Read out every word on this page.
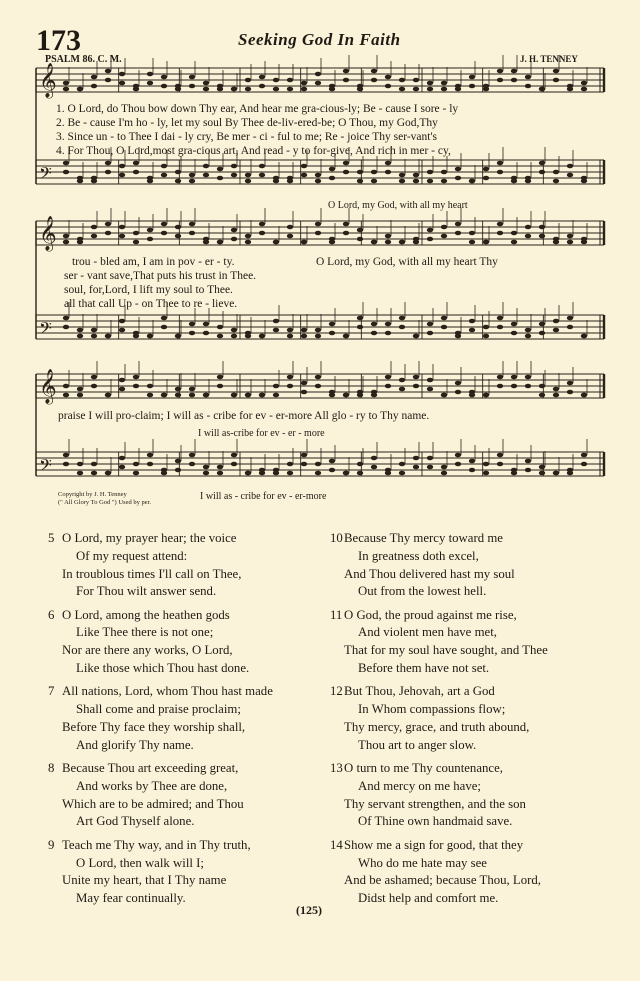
173	Seeking God In Faith
PSALM 86. C. M.	J. H. TENNEY
𝄞
𝄢
𝄞
𝄢
𝄞
𝄢
1. O Lord, do Thou bow down Thy ear, And hear me gra-cious-ly; Be - cause I sore - ly
2. Be - cause I'm ho - ly, let my soul By Thee de-liv-ered-be; O Thou, my God,Thy
3. Since un - to Thee I dai - ly cry, Be mer - ci - ful to me; Re - joice Thy ser-vant's
4. For Thou, O Lord,most gra-cious art, And read - y to for-give, And rich in mer - cy,
O Lord, my God, with all my heart
trou - bled am, I am in pov - er - ty.
ser - vant save,That puts his trust in Thee.
soul, for,Lord, I lift my soul to Thee.
all that call Up - on Thee to re - lieve.
O Lord, my God, with all my heart Thy
praise I will pro-claim; I will as - cribe for ev - er-more All glo - ry to Thy name.
I will as-cribe for ev - er - more
I will as - cribe for ev - er-more
Copyright by J. H. Tenney
(" All Glory To God ") Used by per.
5 O Lord, my prayer hear; the voice
Of my request attend:
In troublous times I'll call on Thee,
For Thou wilt answer send.
6 O Lord, among the heathen gods
Like Thee there is not one;
Nor are there any works, O Lord,
Like those which Thou hast done.
7 All nations, Lord, whom Thou hast made
Shall come and praise proclaim;
Before Thy face they worship shall,
And glorify Thy name.
8 Because Thou art exceeding great,
And works by Thee are done,
Which are to be admired; and Thou
Art God Thyself alone.
9 Teach me Thy way, and in Thy truth,
O Lord, then walk will I;
Unite my heart, that I Thy name
May fear continually.
10Because Thy mercy toward me
In greatness doth excel,
And Thou delivered hast my soul
Out from the lowest hell.
11 O God, the proud against me rise,
And violent men have met,
That for my soul have sought, and Thee
Before them have not set.
12But Thou, Jehovah, art a God
In Whom compassions flow;
Thy mercy, grace, and truth abound,
Thou art to anger slow.
13O turn to me Thy countenance,
And mercy on me have;
Thy servant strengthen, and the son
Of Thine own handmaid save.
14Show me a sign for good, that they
Who do me hate may see
And be ashamed; because Thou, Lord,
Didst help and comfort me.
(125)
